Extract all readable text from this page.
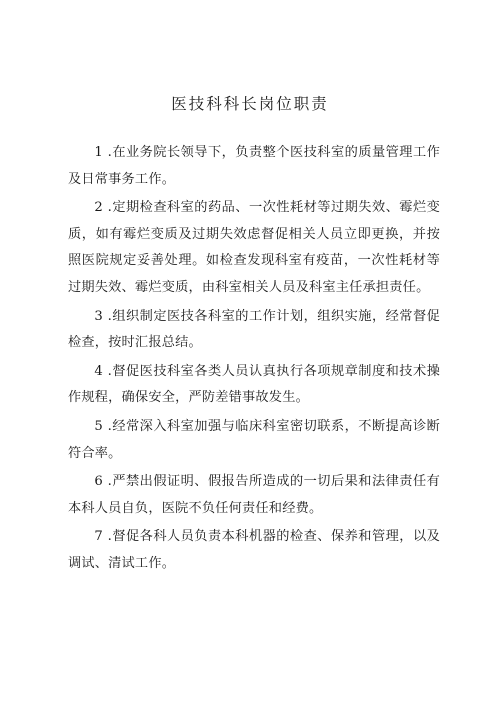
医技科科长岗位职责

1 .在业务院长领导下，负责整个医技科室的质量管理工作及日常事务工作。

2 .定期检查科室的药品、一次性耗材等过期失效、霉烂变质，如有霉烂变质及过期失效虑督促相关人员立即更换，并按照医院规定妥善处理。如检查发现科室有疫苗，一次性耗材等过期失效、霉烂变质，由科室相关人员及科室主任承担责任。

3 .组织制定医技各科室的工作计划，组织实施，经常督促检查，按时汇报总结。

4 .督促医技科室各类人员认真执行各项规章制度和技术操作规程，确保安全，严防差错事故发生。

5 .经常深入科室加强与临床科室密切联系，不断提高诊断符合率。

6 .严禁出假证明、假报告所造成的一切后果和法律责任有本科人员自负，医院不负任何责任和经费。

7 .督促各科人员负责本科机器的检查、保养和管理，以及调试、清试工作。
